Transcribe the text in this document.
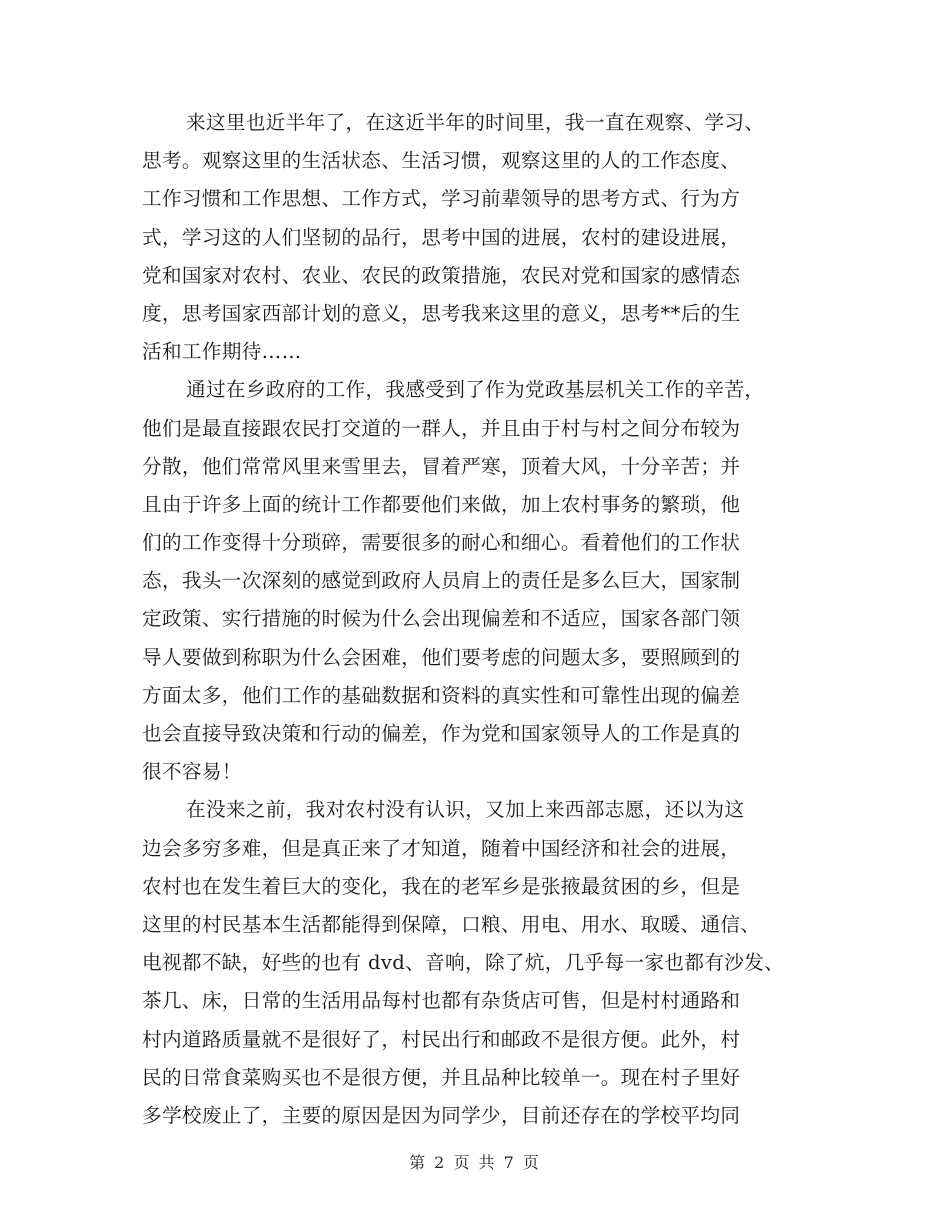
来这里也近半年了，在这近半年的时间里，我一直在观察、学习、
思考。观察这里的生活状态、生活习惯，观察这里的人的工作态度、
工作习惯和工作思想、工作方式，学习前辈领导的思考方式、行为方
式，学习这的人们坚韧的品行，思考中国的进展，农村的建设进展，
党和国家对农村、农业、农民的政策措施，农民对党和国家的感情态
度，思考国家西部计划的意义，思考我来这里的意义，思考**后的生
活和工作期待……
通过在乡政府的工作，我感受到了作为党政基层机关工作的辛苦，
他们是最直接跟农民打交道的一群人，并且由于村与村之间分布较为
分散，他们常常风里来雪里去，冒着严寒，顶着大风，十分辛苦；并
且由于许多上面的统计工作都要他们来做，加上农村事务的繁琐，他
们的工作变得十分琐碎，需要很多的耐心和细心。看着他们的工作状
态，我头一次深刻的感觉到政府人员肩上的责任是多么巨大，国家制
定政策、实行措施的时候为什么会出现偏差和不适应，国家各部门领
导人要做到称职为什么会困难，他们要考虑的问题太多，要照顾到的
方面太多，他们工作的基础数据和资料的真实性和可靠性出现的偏差
也会直接导致决策和行动的偏差，作为党和国家领导人的工作是真的
很不容易！
在没来之前，我对农村没有认识，又加上来西部志愿，还以为这
边会多穷多难，但是真正来了才知道，随着中国经济和社会的进展，
农村也在发生着巨大的变化，我在的老军乡是张掖最贫困的乡，但是
这里的村民基本生活都能得到保障，口粮、用电、用水、取暖、通信、
电视都不缺，好些的也有 dvd、音响，除了炕，几乎每一家也都有沙发、
茶几、床，日常的生活用品每村也都有杂货店可售，但是村村通路和
村内道路质量就不是很好了，村民出行和邮政不是很方便。此外，村
民的日常食菜购买也不是很方便，并且品种比较单一。现在村子里好
多学校废止了，主要的原因是因为同学少，目前还存在的学校平均同
第 2 页 共 7 页
